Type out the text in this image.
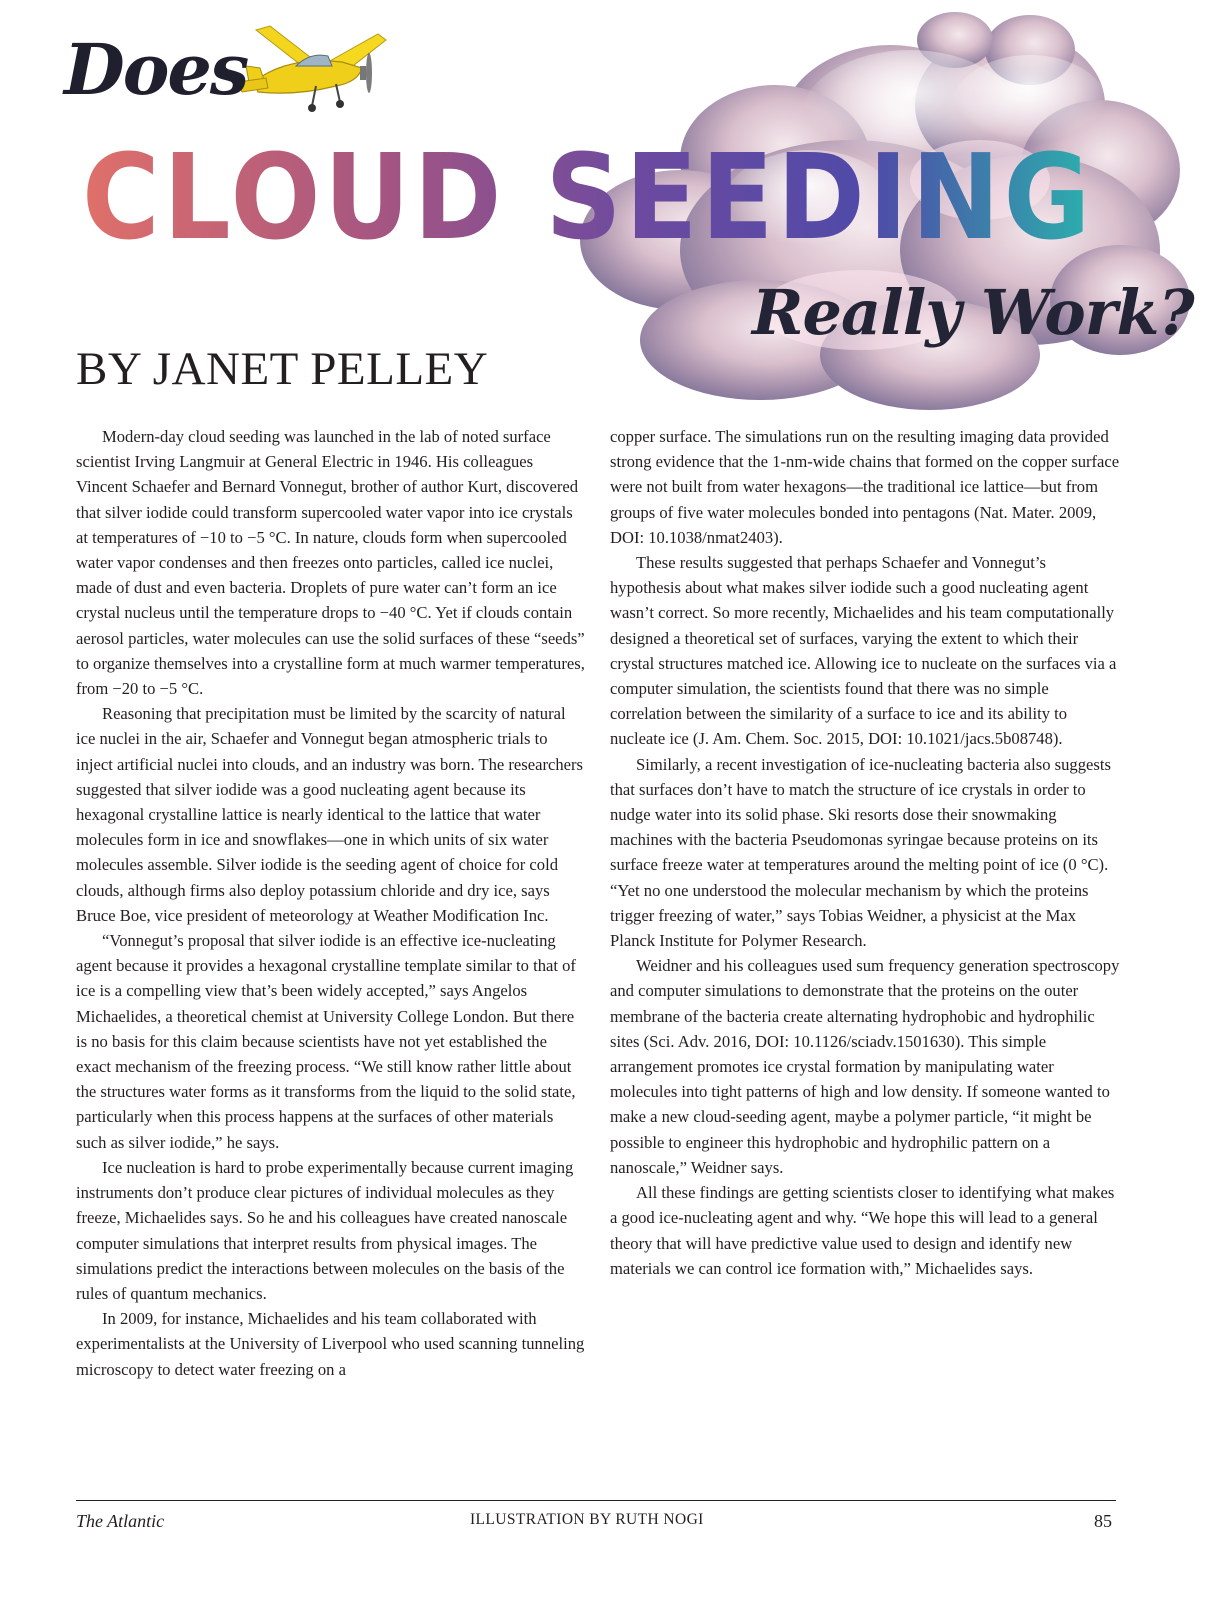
Does
CLOUD SEEDING
Really Work?
BY JANET PELLEY

Modern-day cloud seeding was launched in the lab of noted surface scientist Irving Langmuir at General Electric in 1946. His colleagues Vincent Schaefer and Bernard Vonnegut, brother of author Kurt, discovered that silver iodide could transform supercooled water vapor into ice crystals at temperatures of −10 to −5 °C. In nature, clouds form when supercooled water vapor condenses and then freezes onto particles, called ice nuclei, made of dust and even bacteria. Droplets of pure water can’t form an ice crystal nucleus until the temperature drops to −40 °C. Yet if clouds contain aerosol particles, water molecules can use the solid surfaces of these “seeds” to organize themselves into a crystalline form at much warmer temperatures, from −20 to −5 °C.

Reasoning that precipitation must be limited by the scarcity of natural ice nuclei in the air, Schaefer and Vonnegut began atmospheric trials to inject artificial nuclei into clouds, and an industry was born. The researchers suggested that silver iodide was a good nucleating agent because its hexagonal crystalline lattice is nearly identical to the lattice that water molecules form in ice and snowflakes—one in which units of six water molecules assemble. Silver iodide is the seeding agent of choice for cold clouds, although firms also deploy potassium chloride and dry ice, says Bruce Boe, vice president of meteorology at Weather Modification Inc.

“Vonnegut’s proposal that silver iodide is an effective ice-nucleating agent because it provides a hexagonal crystalline template similar to that of ice is a compelling view that’s been widely accepted,” says Angelos Michaelides, a theoretical chemist at University College London. But there is no basis for this claim because scientists have not yet established the exact mechanism of the freezing process. “We still know rather little about the structures water forms as it transforms from the liquid to the solid state, particularly when this process happens at the surfaces of other materials such as silver iodide,” he says.

Ice nucleation is hard to probe experimentally because current imaging instruments don’t produce clear pictures of individual molecules as they freeze, Michaelides says. So he and his colleagues have created nanoscale computer simulations that interpret results from physical images. The simulations predict the interactions between molecules on the basis of the rules of quantum mechanics.

In 2009, for instance, Michaelides and his team collaborated with experimentalists at the University of Liverpool who used scanning tunneling microscopy to detect water freezing on a

copper surface. The simulations run on the resulting imaging data provided strong evidence that the 1-nm-wide chains that formed on the copper surface were not built from water hexagons—the traditional ice lattice—but from groups of five water molecules bonded into pentagons (Nat. Mater. 2009, DOI: 10.1038/nmat2403).

These results suggested that perhaps Schaefer and Vonnegut’s hypothesis about what makes silver iodide such a good nucleating agent wasn’t correct. So more recently, Michaelides and his team computationally designed a theoretical set of surfaces, varying the extent to which their crystal structures matched ice. Allowing ice to nucleate on the surfaces via a computer simulation, the scientists found that there was no simple correlation between the similarity of a surface to ice and its ability to nucleate ice (J. Am. Chem. Soc. 2015, DOI: 10.1021/jacs.5b08748).

Similarly, a recent investigation of ice-nucleating bacteria also suggests that surfaces don’t have to match the structure of ice crystals in order to nudge water into its solid phase. Ski resorts dose their snowmaking machines with the bacteria Pseudomonas syringae because proteins on its surface freeze water at temperatures around the melting point of ice (0 °C). “Yet no one understood the molecular mechanism by which the proteins trigger freezing of water,” says Tobias Weidner, a physicist at the Max Planck Institute for Polymer Research.

Weidner and his colleagues used sum frequency generation spectroscopy and computer simulations to demonstrate that the proteins on the outer membrane of the bacteria create alternating hydrophobic and hydrophilic sites (Sci. Adv. 2016, DOI: 10.1126/sciadv.1501630). This simple arrangement promotes ice crystal formation by manipulating water molecules into tight patterns of high and low density. If someone wanted to make a new cloud-seeding agent, maybe a polymer particle, “it might be possible to engineer this hydrophobic and hydrophilic pattern on a nanoscale,” Weidner says.

All these findings are getting scientists closer to identifying what makes a good ice-nucleating agent and why. “We hope this will lead to a general theory that will have predictive value used to design and identify new materials we can control ice formation with,” Michaelides says.

The Atlantic	ILLUSTRATION BY RUTH NOGI	85
